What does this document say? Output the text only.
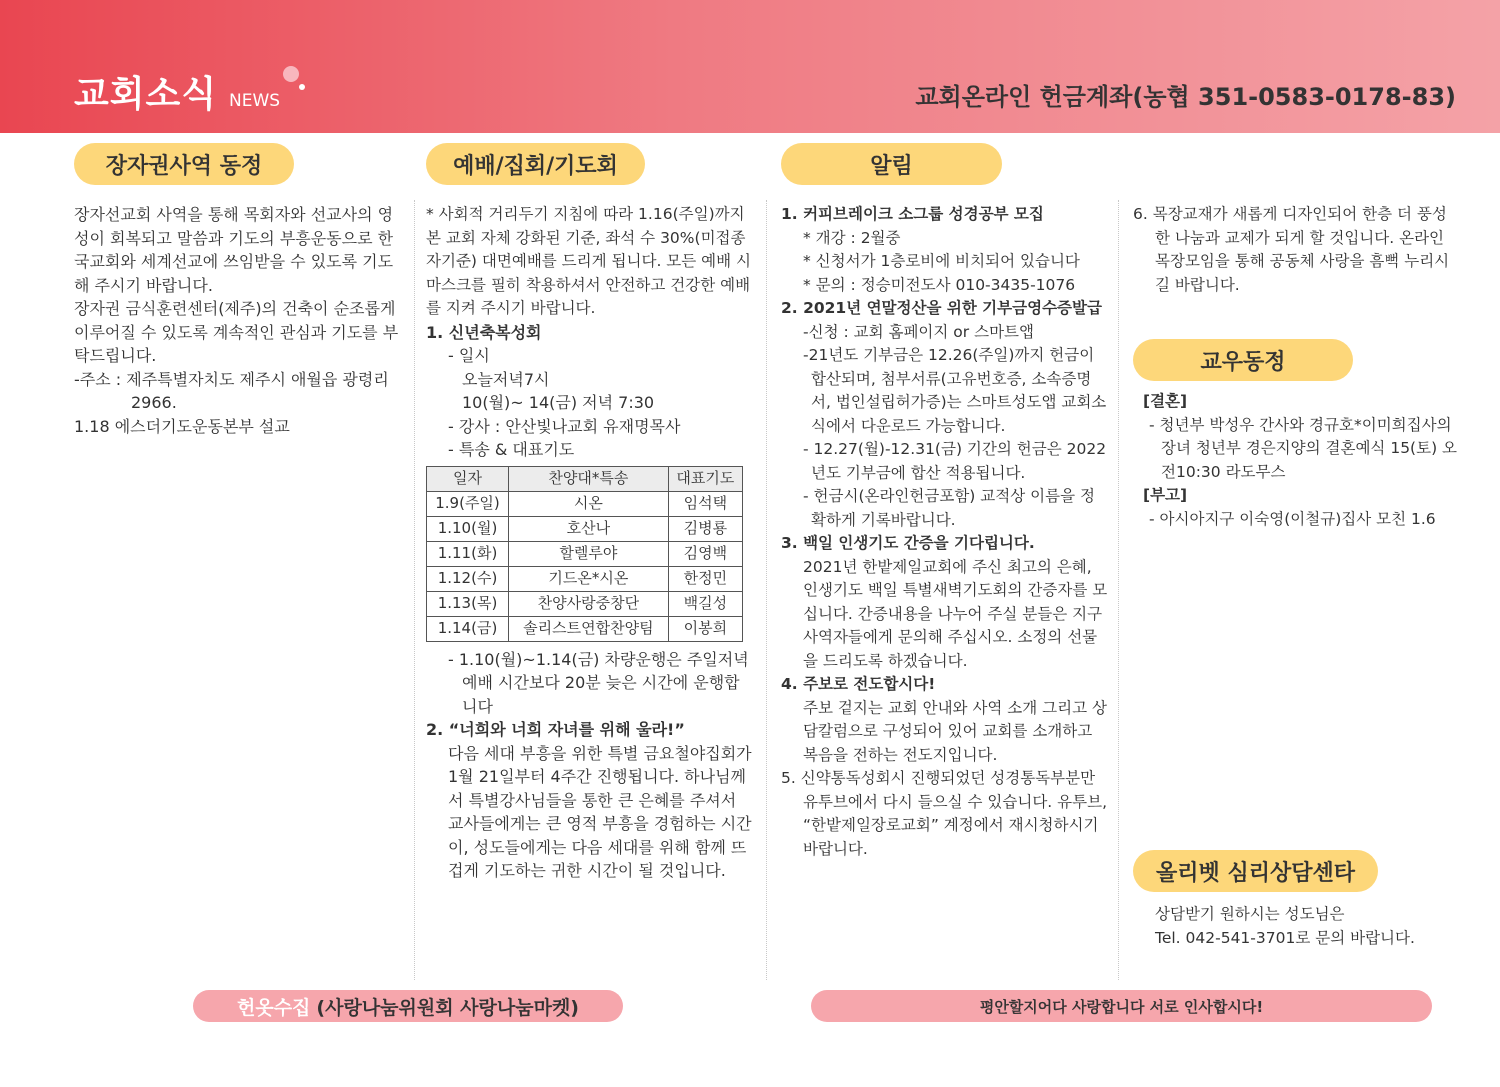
교회소식 NEWS	교회온라인 헌금계좌(농협 351-0583-0178-83)
장자권사역 동정	예배/집회/기도회	알림
교우동정
올리벳 심리상담센타

장자선교회 사역을 통해 목회자와 선교사의 영성이 회복되고 말씀과 기도의 부흥운동으로 한국교회와 세계선교에 쓰임받을 수 있도록 기도해 주시기 바랍니다.

장자권 금식훈련센터(제주)의 건축이 순조롭게 이루어질 수 있도록 계속적인 관심과 기도를 부탁드립니다.

-주소 : 제주특별자치도 제주시 애월읍 광령리 2966.

1.18 에스더기도운동본부 설교

* 사회적 거리두기 지침에 따라 1.16(주일)까지 본 교회 자체 강화된 기준, 좌석 수 30%(미접종자기준) 대면예배를 드리게 됩니다. 모든 예배 시 마스크를 필히 착용하셔서 안전하고 건강한 예배를 지켜 주시기 바랍니다.

1. 신년축복성회

- 일시

오늘저녁7시

10(월)~ 14(금) 저녁 7:30

- 강사 : 안산빛나교회 유재명목사

- 특송 & 대표기도

일자	찬양대*특송	대표기도
1.9(주일)	시온	임석택
1.10(월)	호산나	김병룡
1.11(화)	할렐루야	김영백
1.12(수)	기드온*시온	한정민
1.13(목)	찬양사랑중창단	백길성
1.14(금)	솔리스트연합찬양팀	이봉희

- 1.10(월)~1.14(금) 차량운행은 주일저녁예배 시간보다 20분 늦은 시간에 운행합니다

2. “너희와 너희 자녀를 위해 울라!”

다음 세대 부흥을 위한 특별 금요철야집회가 1월 21일부터 4주간 진행됩니다. 하나님께서 특별강사님들을 통한 큰 은혜를 주셔서 교사들에게는 큰 영적 부흥을 경험하는 시간이, 성도들에게는 다음 세대를 위해 함께 뜨겁게 기도하는 귀한 시간이 될 것입니다.

1. 커피브레이크 소그룹 성경공부 모집

* 개강 : 2월중

* 신청서가 1층로비에 비치되어 있습니다

* 문의 : 정승미전도사 010-3435-1076

2. 2021년 연말정산을 위한 기부금영수증발급

-신청 : 교회 홈페이지 or 스마트앱

-21년도 기부금은 12.26(주일)까지 헌금이 합산되며, 첨부서류(고유번호증, 소속증명서, 법인설립허가증)는 스마트성도앱 교회소식에서 다운로드 가능합니다.

- 12.27(월)-12.31(금) 기간의 헌금은 2022년도 기부금에 합산 적용됩니다.

- 헌금시(온라인헌금포함) 교적상 이름을 정확하게 기록바랍니다.

3. 백일 인생기도 간증을 기다립니다.

2021년 한밭제일교회에 주신 최고의 은혜, 인생기도 백일 특별새벽기도회의 간증자를 모십니다. 간증내용을 나누어 주실 분들은 지구사역자들에게 문의해 주십시오. 소정의 선물을 드리도록 하겠습니다.

4. 주보로 전도합시다!

주보 겉지는 교회 안내와 사역 소개 그리고 상담칼럼으로 구성되어 있어 교회를 소개하고 복음을 전하는 전도지입니다.

5. 신약통독성회시 진행되었던 성경통독부분만 유투브에서 다시 들으실 수 있습니다. 유투브, “한밭제일장로교회” 계정에서 재시청하시기 바랍니다.

6. 목장교재가 새롭게 디자인되어 한층 더 풍성한 나눔과 교제가 되게 할 것입니다. 온라인 목장모임을 통해 공동체 사랑을 흠뻑 누리시길 바랍니다.

[결혼]

- 청년부 박성우 간사와 경규호*이미희집사의 장녀 청년부 경은지양의 결혼예식 15(토) 오전10:30 라도무스

[부고]

- 아시아지구 이숙영(이철규)집사 모친 1.6

상담받기 원하시는 성도님은

Tel. 042-541-3701로 문의 바랍니다.

헌옷수집 (사랑나눔위원회 사랑나눔마켓)	평안할지어다 사랑합니다 서로 인사합시다!
